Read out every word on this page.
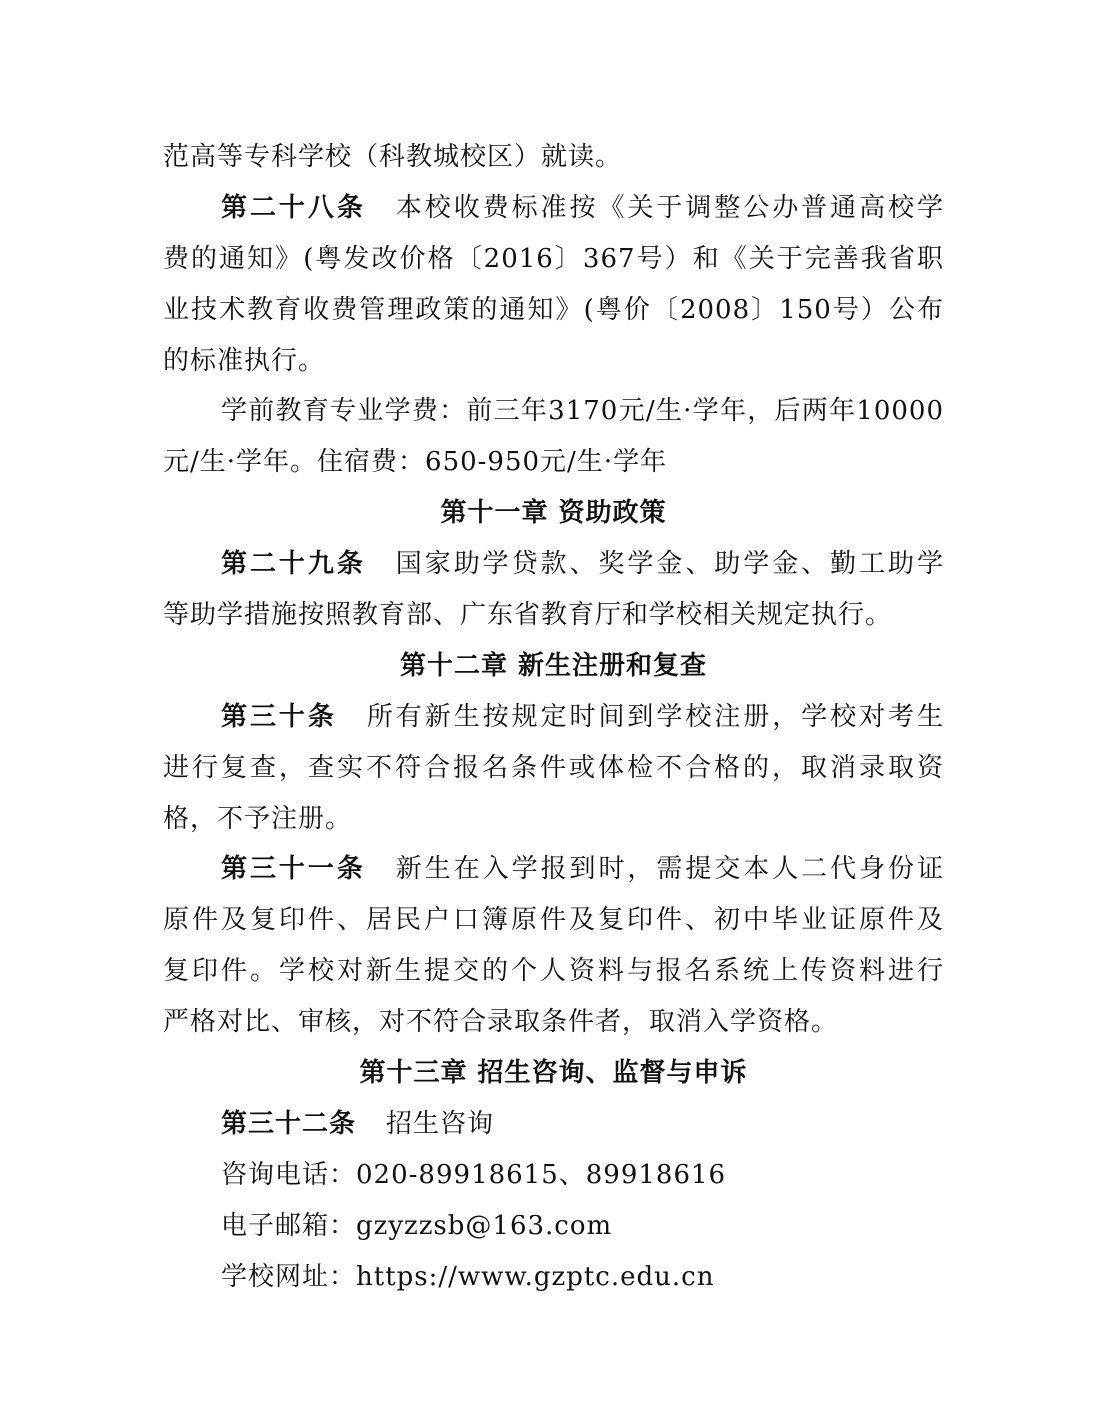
范高等专科学校（科教城校区）就读。
第二十八条 本校收费标准按《关于调整公办普通高校学
费的通知》(粤发改价格〔2016〕367号）和《关于完善我省职
业技术教育收费管理政策的通知》(粤价〔2008〕150号）公布
的标准执行。
学前教育专业学费：前三年3170元/生·学年，后两年10000
元/生·学年。住宿费：650-950元/生·学年
第十一章 资助政策
第二十九条 国家助学贷款、奖学金、助学金、勤工助学
等助学措施按照教育部、广东省教育厅和学校相关规定执行。
第十二章 新生注册和复查
第三十条 所有新生按规定时间到学校注册，学校对考生
进行复查，查实不符合报名条件或体检不合格的，取消录取资
格，不予注册。
第三十一条 新生在入学报到时，需提交本人二代身份证
原件及复印件、居民户口簿原件及复印件、初中毕业证原件及
复印件。学校对新生提交的个人资料与报名系统上传资料进行
严格对比、审核，对不符合录取条件者，取消入学资格。
第十三章 招生咨询、监督与申诉
第三十二条 招生咨询
咨询电话：020-89918615、89918616
电子邮箱：gzyzzsb@163.com
学校网址：https://www.gzptc.edu.cn
